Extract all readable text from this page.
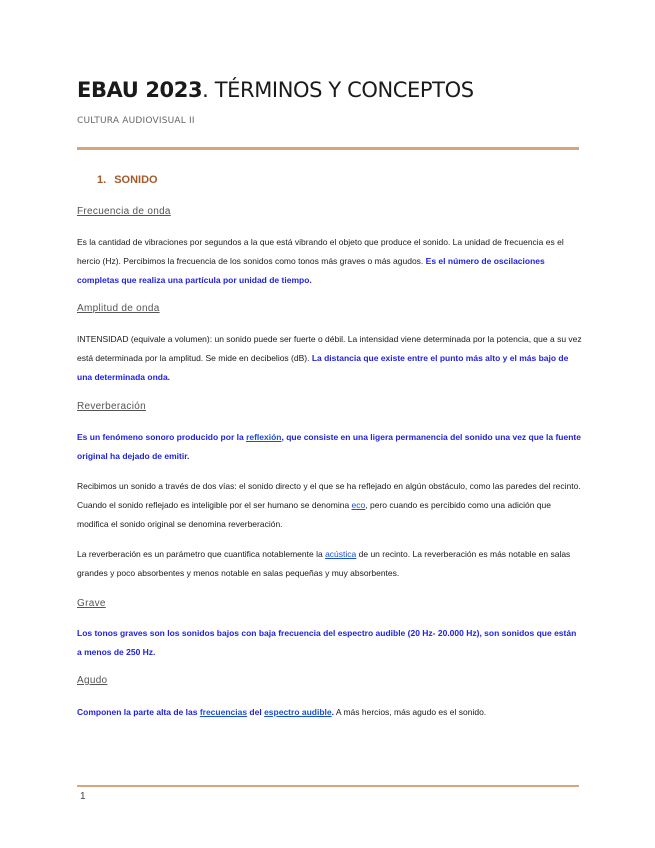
EBAU 2023. TÉRMINOS Y CONCEPTOS
CULTURA AUDIOVISUAL II
1. SONIDO
Frecuencia de onda
Es la cantidad de vibraciones por segundos a la que está vibrando el objeto que produce el sonido. La unidad de frecuencia es el hercio (Hz). Percibimos la frecuencia de los sonidos como tonos más graves o más agudos. Es el número de oscilaciones completas que realiza una partícula por unidad de tiempo.
Amplitud de onda
INTENSIDAD (equivale a volumen): un sonido puede ser fuerte o débil. La intensidad viene determinada por la potencia, que a su vez está determinada por la amplitud. Se mide en decibelios (dB). La distancia que existe entre el punto más alto y el más bajo de una determinada onda.
Reverberación
Es un fenómeno sonoro producido por la reflexión, que consiste en una ligera permanencia del sonido una vez que la fuente original ha dejado de emitir.
Recibimos un sonido a través de dos vías: el sonido directo y el que se ha reflejado en algún obstáculo, como las paredes del recinto. Cuando el sonido reflejado es inteligible por el ser humano se denomina eco, pero cuando es percibido como una adición que modifica el sonido original se denomina reverberación.
La reverberación es un parámetro que cuantifica notablemente la acústica de un recinto. La reverberación es más notable en salas grandes y poco absorbentes y menos notable en salas pequeñas y muy absorbentes.
Grave
Los tonos graves son los sonidos bajos con baja frecuencia del espectro audible (20 Hz- 20.000 Hz), son sonidos que están a menos de 250 Hz.
Agudo
Componen la parte alta de las frecuencias del espectro audible. A más hercios, más agudo es el sonido.
1
